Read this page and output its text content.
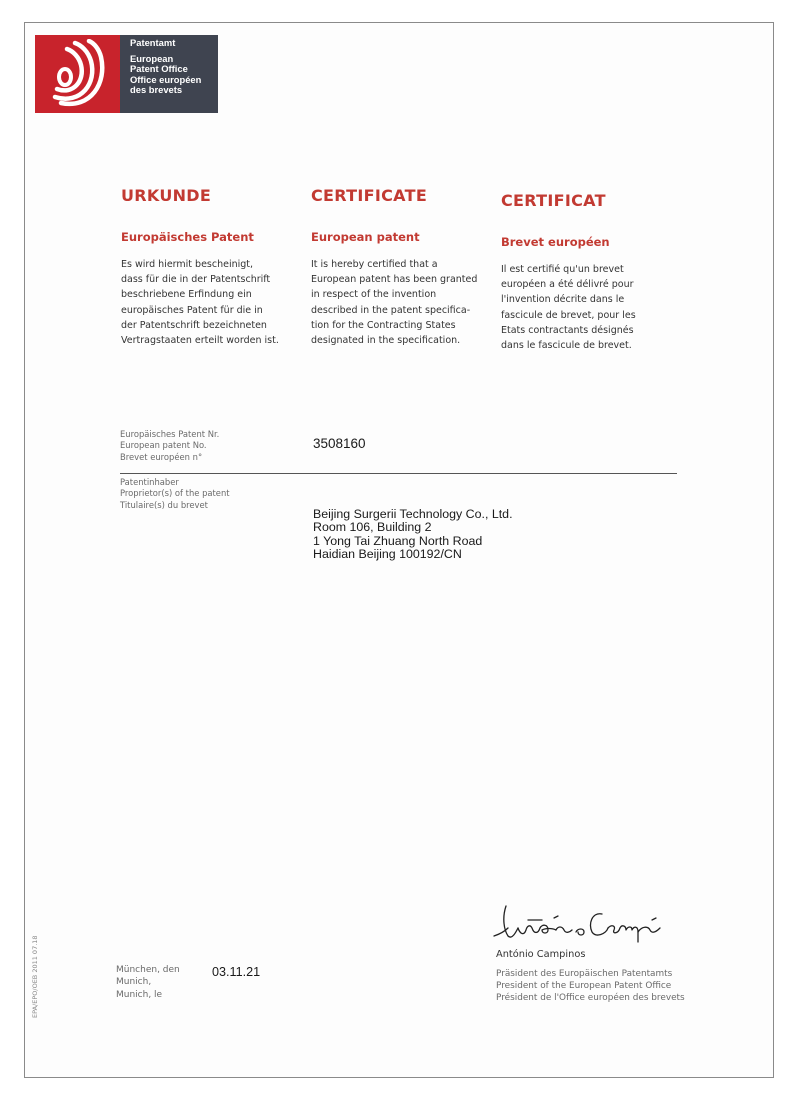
Patentamt
European
Patent Office
Office européen
des brevets
URKUNDE
Europäisches Patent
Es wird hiermit bescheinigt,
dass für die in der Patentschrift
beschriebene Erfindung ein
europäisches Patent für die in
der Patentschrift bezeichneten
Vertragstaaten erteilt worden ist.
CERTIFICATE
European patent
It is hereby certified that a
European patent has been granted
in respect of the invention
described in the patent specifica-
tion for the Contracting States
designated in the specification.
CERTIFICAT
Brevet européen
Il est certifié qu'un brevet
européen a été délivré pour
l'invention décrite dans le
fascicule de brevet, pour les
Etats contractants désignés
dans le fascicule de brevet.
Europäisches Patent Nr.
European patent No.
Brevet européen n°
3508160
Patentinhaber
Proprietor(s) of the patent
Titulaire(s) du brevet
Beijing Surgerii Technology Co., Ltd.
Room 106, Building 2
1 Yong Tai Zhuang North Road
Haidian Beijing 100192/CN
München, den
Munich,
Munich, le
03.11.21
António Campinos
Präsident des Europäischen Patentamts
President of the European Patent Office
Président de l'Office européen des brevets
EPA/EPO/OEB 2011 07.18
